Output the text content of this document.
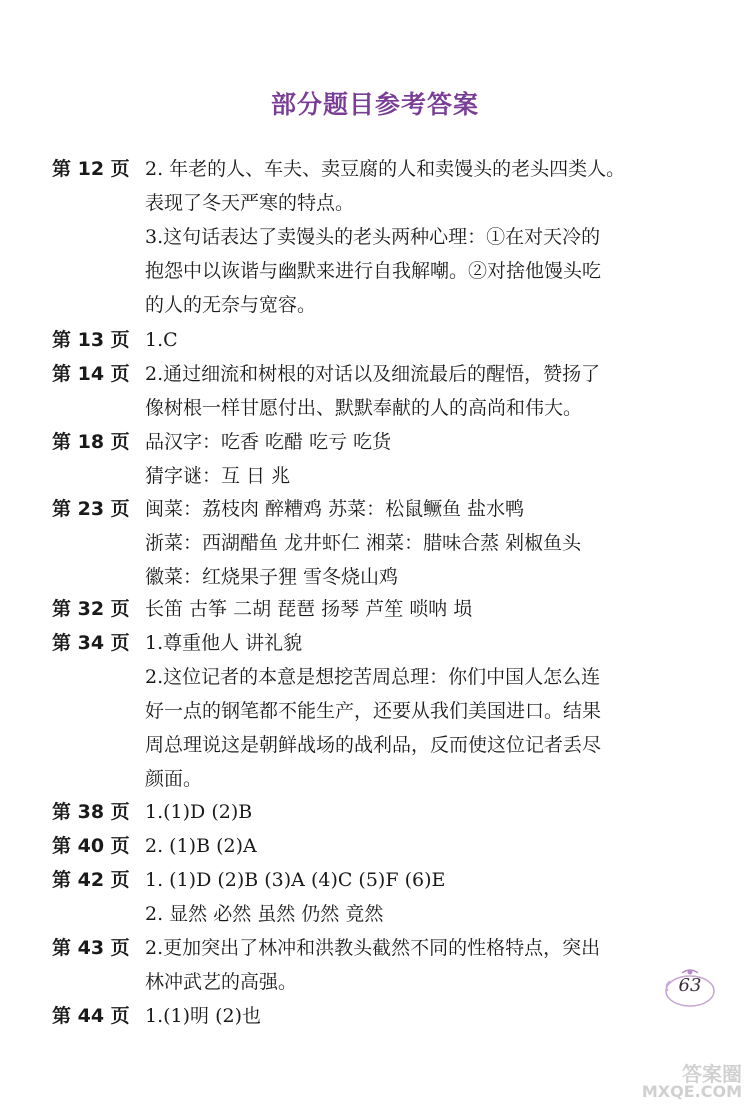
部分题目参考答案
第 12 页 2. 年老的人、车夫、卖豆腐的人和卖馒头的老头四类人。
表现了冬天严寒的特点。
3.这句话表达了卖馒头的老头两种心理：①在对天冷的
抱怨中以诙谐与幽默来进行自我解嘲。②对捨他馒头吃
的人的无奈与宽容。
第 13 页 1.C
第 14 页 2.通过细流和树根的对话以及细流最后的醒悟，赞扬了
像树根一样甘愿付出、默默奉献的人的高尚和伟大。
第 18 页 品汉字：吃香 吃醋 吃亏 吃货
猜字谜：互 日 兆
第 23 页 闽菜：荔枝肉 醉糟鸡 苏菜：松鼠鳜鱼 盐水鸭
浙菜：西湖醋鱼 龙井虾仁 湘菜：腊味合蒸 剁椒鱼头
徽菜：红烧果子狸 雪冬烧山鸡
第 32 页 长笛 古筝 二胡 琵琶 扬琴 芦笙 唢呐 埙
第 34 页 1.尊重他人 讲礼貌
2.这位记者的本意是想挖苦周总理：你们中国人怎么连
好一点的钢笔都不能生产，还要从我们美国进口。结果
周总理说这是朝鲜战场的战利品，反而使这位记者丢尽
颜面。
第 38 页 1.(1)D (2)B
第 40 页 2. (1)B (2)A
第 42 页 1. (1)D (2)B (3)A (4)C (5)F (6)E
2. 显然 必然 虽然 仍然 竟然
第 43 页 2.更加突出了林冲和洪教头截然不同的性格特点，突出
林冲武艺的高强。
第 44 页 1.(1)明 (2)也
63
答案圈
MXQE.COM
